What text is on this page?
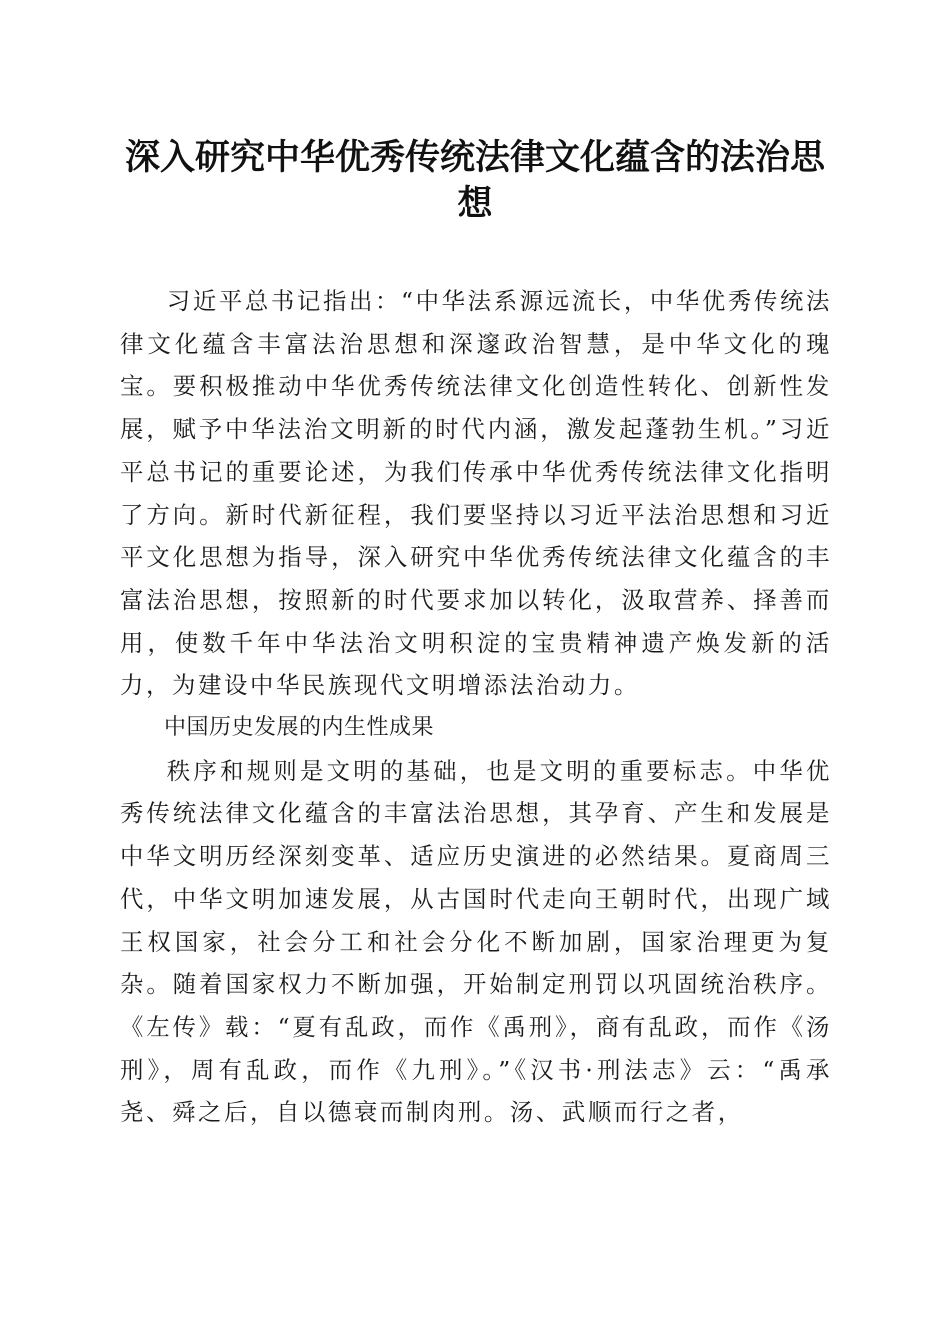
深入研究中华优秀传统法律文化蕴含的法治思想

习近平总书记指出：“中华法系源远流长，中华优秀传统法律文化蕴含丰富法治思想和深邃政治智慧，是中华文化的瑰宝。要积极推动中华优秀传统法律文化创造性转化、创新性发展，赋予中华法治文明新的时代内涵，激发起蓬勃生机。”习近平总书记的重要论述，为我们传承中华优秀传统法律文化指明了方向。新时代新征程，我们要坚持以习近平法治思想和习近平文化思想为指导，深入研究中华优秀传统法律文化蕴含的丰富法治思想，按照新的时代要求加以转化，汲取营养、择善而用，使数千年中华法治文明积淀的宝贵精神遗产焕发新的活力，为建设中华民族现代文明增添法治动力。

中国历史发展的内生性成果

秩序和规则是文明的基础，也是文明的重要标志。中华优秀传统法律文化蕴含的丰富法治思想，其孕育、产生和发展是中华文明历经深刻变革、适应历史演进的必然结果。夏商周三代，中华文明加速发展，从古国时代走向王朝时代，出现广域王权国家，社会分工和社会分化不断加剧，国家治理更为复杂。随着国家权力不断加强，开始制定刑罚以巩固统治秩序。《左传》载：“夏有乱政，而作《禹刑》，商有乱政，而作《汤刑》，周有乱政，而作《九刑》。”《汉书·刑法志》云：“禹承尧、舜之后，自以德衰而制肉刑。汤、武顺而行之者，
